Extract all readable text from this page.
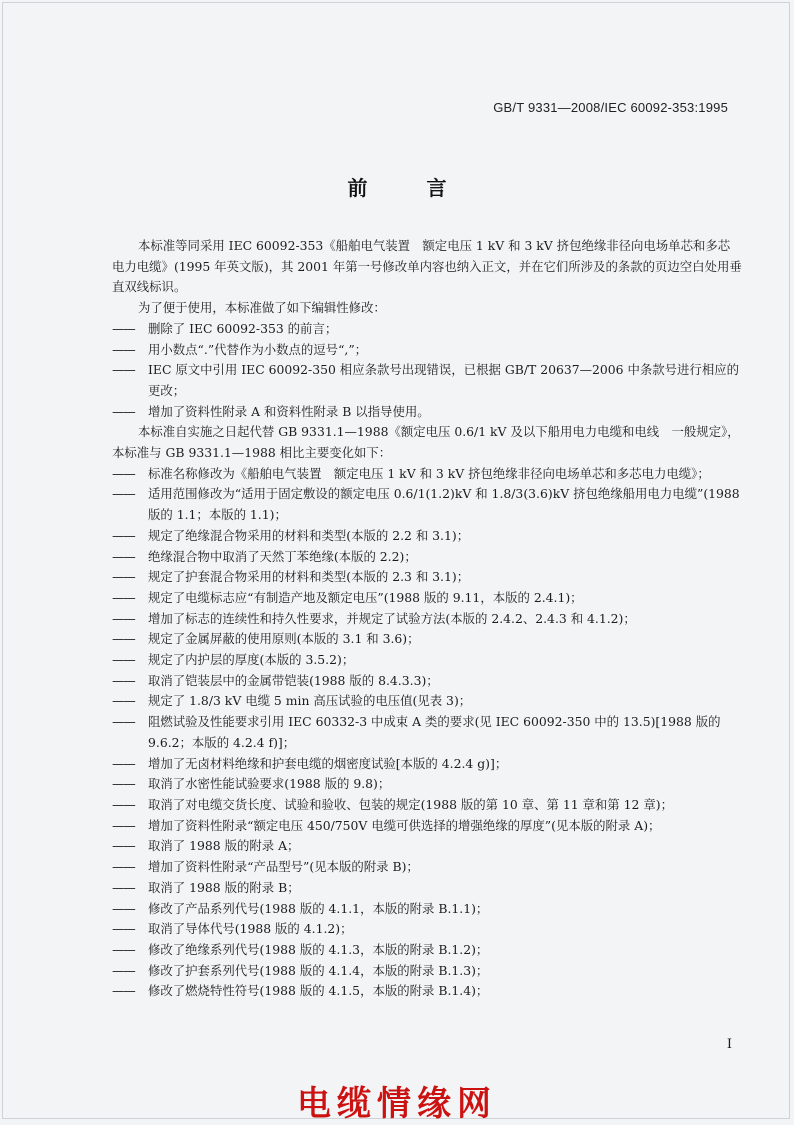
GB/T 9331—2008/IEC 60092-353:1995
前 言

本标准等同采用 IEC 60092-353《船舶电气装置　额定电压 1 kV 和 3 kV 挤包绝缘非径向电场单芯和多芯电力电缆》(1995 年英文版)，其 2001 年第一号修改单内容也纳入正文，并在它们所涉及的条款的页边空白处用垂直双线标识。

为了便于使用，本标准做了如下编辑性修改：

——	删除了 IEC 60092-353 的前言；

——	用小数点“.”代替作为小数点的逗号“,”；

——	IEC 原文中引用 IEC 60092-350 相应条款号出现错误，已根据 GB/T 20637—2006 中条款号进行相应的更改；

——	增加了资料性附录 A 和资料性附录 B 以指导使用。

本标准自实施之日起代替 GB 9331.1—1988《额定电压 0.6/1 kV 及以下船用电力电缆和电线　一般规定》，本标准与 GB 9331.1—1988 相比主要变化如下：

——	标准名称修改为《船舶电气装置　额定电压 1 kV 和 3 kV 挤包绝缘非径向电场单芯和多芯电力电缆》；

——	适用范围修改为“适用于固定敷设的额定电压 0.6/1(1.2)kV 和 1.8/3(3.6)kV 挤包绝缘船用电力电缆”(1988 版的 1.1；本版的 1.1)；

——	规定了绝缘混合物采用的材料和类型(本版的 2.2 和 3.1)；

——	绝缘混合物中取消了天然丁苯绝缘(本版的 2.2)；

——	规定了护套混合物采用的材料和类型(本版的 2.3 和 3.1)；

——	规定了电缆标志应“有制造产地及额定电压”(1988 版的 9.11，本版的 2.4.1)；

——	增加了标志的连续性和持久性要求，并规定了试验方法(本版的 2.4.2、2.4.3 和 4.1.2)；

——	规定了金属屏蔽的使用原则(本版的 3.1 和 3.6)；

——	规定了内护层的厚度(本版的 3.5.2)；

——	取消了铠装层中的金属带铠装(1988 版的 8.4.3.3)；

——	规定了 1.8/3 kV 电缆 5 min 高压试验的电压值(见表 3)；

——	阻燃试验及性能要求引用 IEC 60332-3 中成束 A 类的要求(见 IEC 60092-350 中的 13.5)[1988 版的 9.6.2；本版的 4.2.4 f)]；

——	增加了无卤材料绝缘和护套电缆的烟密度试验[本版的 4.2.4 g)]；

——	取消了水密性能试验要求(1988 版的 9.8)；

——	取消了对电缆交货长度、试验和验收、包装的规定(1988 版的第 10 章、第 11 章和第 12 章)；

——	增加了资料性附录“额定电压 450/750V 电缆可供选择的增强绝缘的厚度”(见本版的附录 A)；

——	取消了 1988 版的附录 A；

——	增加了资料性附录“产品型号”(见本版的附录 B)；

——	取消了 1988 版的附录 B；

——	修改了产品系列代号(1988 版的 4.1.1，本版的附录 B.1.1)；

——	取消了导体代号(1988 版的 4.1.2)；

——	修改了绝缘系列代号(1988 版的 4.1.3，本版的附录 B.1.2)；

——	修改了护套系列代号(1988 版的 4.1.4，本版的附录 B.1.3)；

——	修改了燃烧特性符号(1988 版的 4.1.5，本版的附录 B.1.4)；

I
电缆情缘网
